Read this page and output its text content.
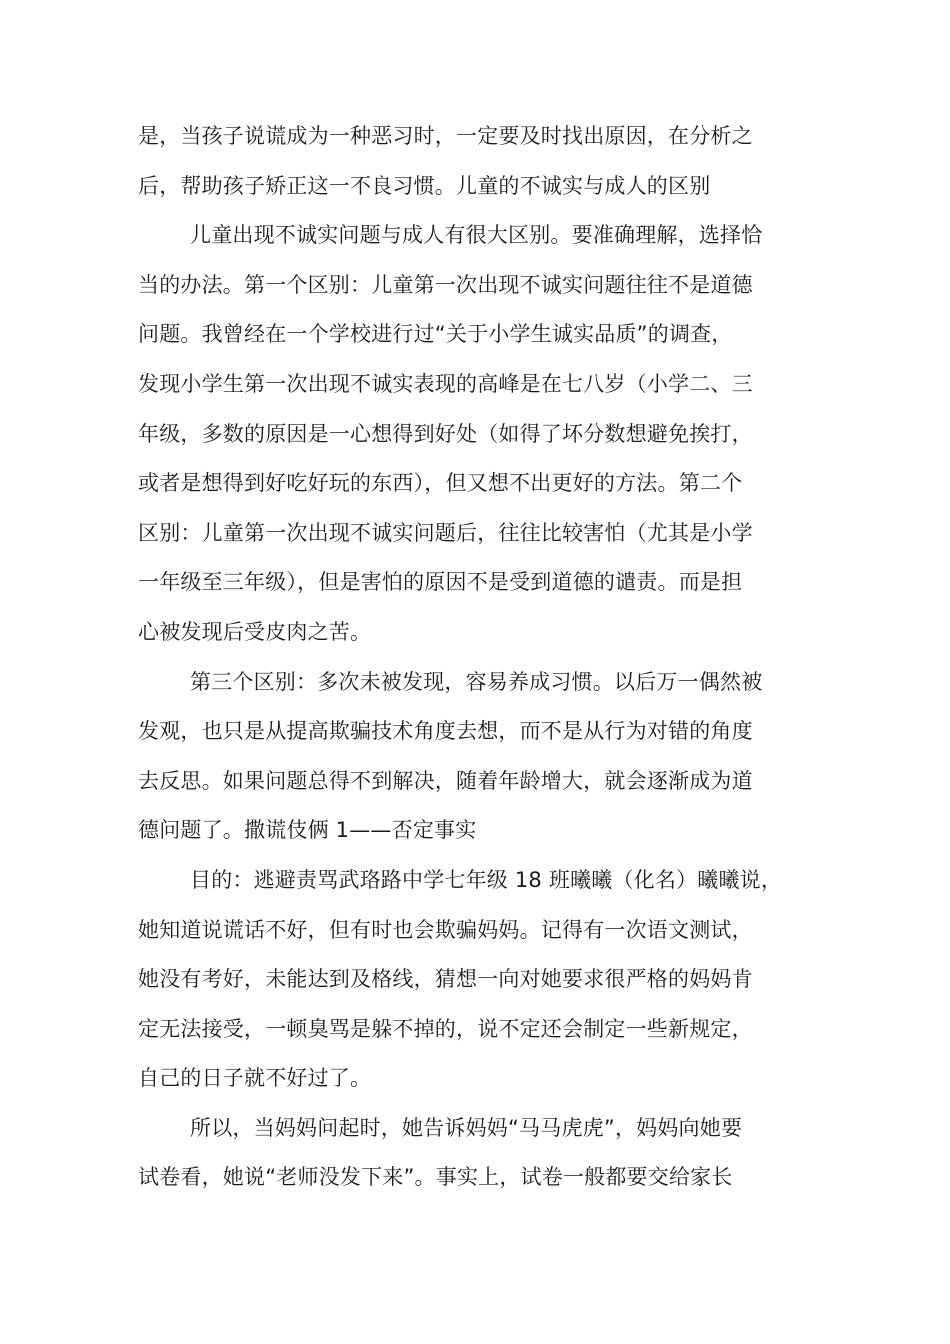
是，当孩子说谎成为一种恶习时，一定要及时找出原因，在分析之
后，帮助孩子矫正这一不良习惯。儿童的不诚实与成人的区别
儿童出现不诚实问题与成人有很大区别。要准确理解，选择恰
当的办法。第一个区别：儿童第一次出现不诚实问题往往不是道德
问题。我曾经在一个学校进行过“关于小学生诚实品质”的调查，
发现小学生第一次出现不诚实表现的高峰是在七八岁（小学二、三
年级，多数的原因是一心想得到好处（如得了坏分数想避免挨打，
或者是想得到好吃好玩的东西），但又想不出更好的方法。第二个
区别：儿童第一次出现不诚实问题后，往往比较害怕（尤其是小学
一年级至三年级），但是害怕的原因不是受到道德的谴责。而是担
心被发现后受皮肉之苦。
第三个区别：多次未被发现，容易养成习惯。以后万一偶然被
发观，也只是从提高欺骗技术角度去想，而不是从行为对错的角度
去反思。如果问题总得不到解决，随着年龄增大，就会逐渐成为道
德问题了。撒谎伎俩 1——否定事实
目的：逃避责骂武珞路中学七年级 18 班曦曦（化名）曦曦说，
她知道说谎话不好，但有时也会欺骗妈妈。记得有一次语文测试，
她没有考好，未能达到及格线，猜想一向对她要求很严格的妈妈肯
定无法接受，一顿臭骂是躲不掉的，说不定还会制定一些新规定，
自己的日子就不好过了。
所以，当妈妈问起时，她告诉妈妈“马马虎虎”，妈妈向她要
试卷看，她说“老师没发下来”。事实上，试卷一般都要交给家长
